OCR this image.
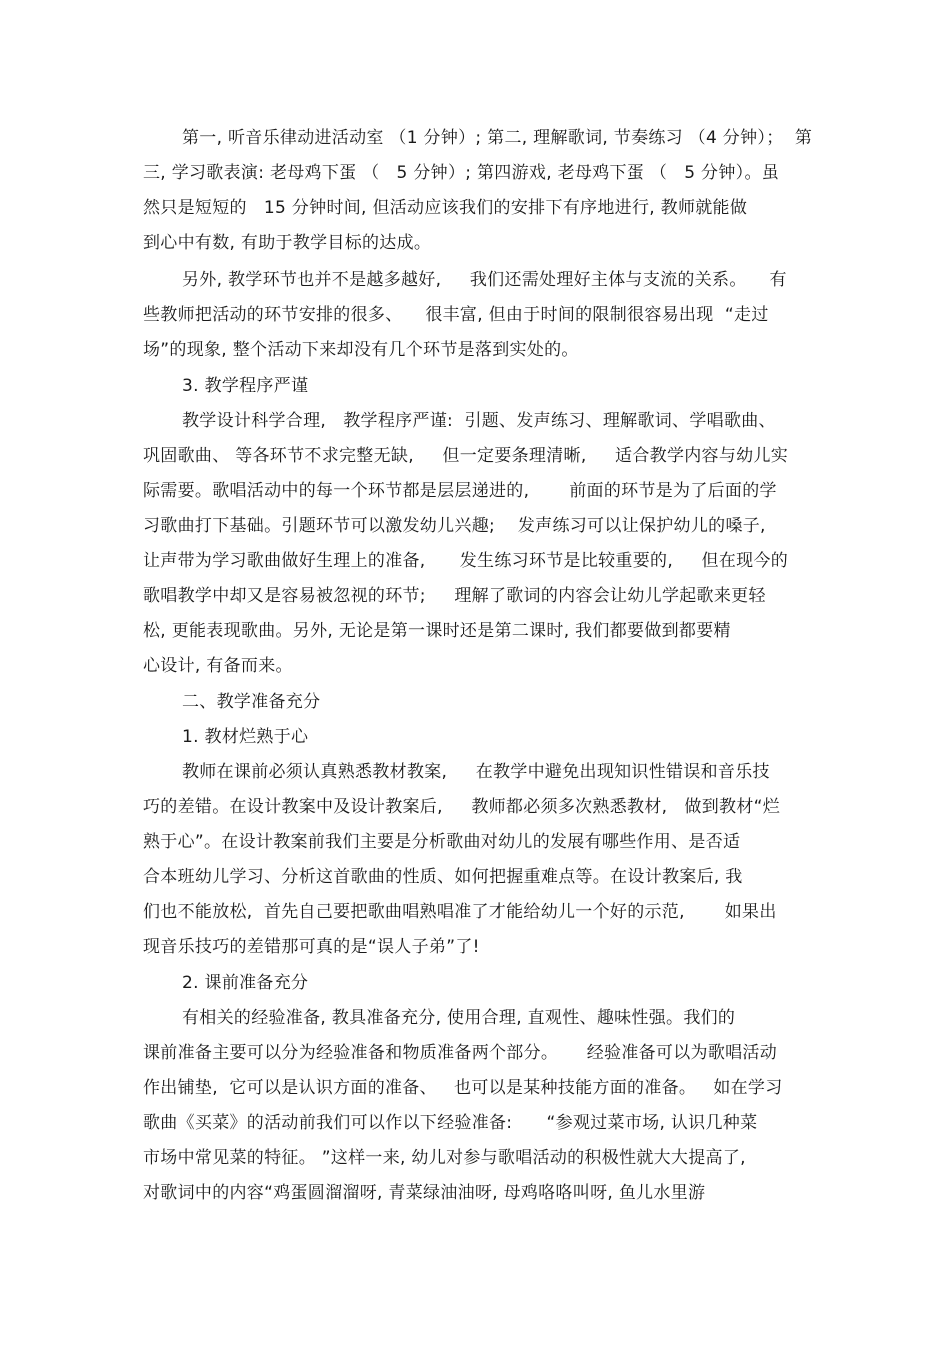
第一, 听音乐律动进活动室 （1 分钟）; 第二, 理解歌词, 节奏练习 （4 分钟）；  第
三, 学习歌表演: 老母鸡下蛋 （   5 分钟）; 第四游戏, 老母鸡下蛋 （   5 分钟）。虽
然只是短短的   15 分钟时间, 但活动应该我们的安排下有序地进行, 教师就能做
到心中有数, 有助于教学目标的达成。
另外, 教学环节也并不是越多越好,     我们还需处理好主体与支流的关系。    有
些教师把活动的环节安排的很多、    很丰富, 但由于时间的限制很容易出现  “走过
场”的现象, 整个活动下来却没有几个环节是落到实处的。
3. 教学程序严谨
教学设计科学合理,   教学程序严谨:  引题、发声练习、理解歌词、学唱歌曲、
巩固歌曲、 等各环节不求完整无缺,     但一定要条理清晰,     适合教学内容与幼儿实
际需要。歌唱活动中的每一个环节都是层层递进的,       前面的环节是为了后面的学
习歌曲打下基础。引题环节可以激发幼儿兴趣;    发声练习可以让保护幼儿的嗓子,
让声带为学习歌曲做好生理上的准备,      发生练习环节是比较重要的,     但在现今的
歌唱教学中却又是容易被忽视的环节;     理解了歌词的内容会让幼儿学起歌来更轻
松, 更能表现歌曲。另外, 无论是第一课时还是第二课时, 我们都要做到都要精
心设计, 有备而来。
二、教学准备充分
1. 教材烂熟于心
教师在课前必须认真熟悉教材教案,     在教学中避免出现知识性错误和音乐技
巧的差错。在设计教案中及设计教案后,     教师都必须多次熟悉教材,   做到教材“烂
熟于心”。在设计教案前我们主要是分析歌曲对幼儿的发展有哪些作用、是否适
合本班幼儿学习、分析这首歌曲的性质、如何把握重难点等。在设计教案后, 我
们也不能放松,  首先自己要把歌曲唱熟唱准了才能给幼儿一个好的示范,       如果出
现音乐技巧的差错那可真的是“误人子弟”了!
2. 课前准备充分
有相关的经验准备, 教具准备充分, 使用合理, 直观性、趣味性强。我们的
课前准备主要可以分为经验准备和物质准备两个部分。     经验准备可以为歌唱活动
作出铺垫,  它可以是认识方面的准备、   也可以是某种技能方面的准备。   如在学习
歌曲《买菜》的活动前我们可以作以下经验准备:      “参观过菜市场, 认识几种菜
市场中常见菜的特征。 ”这样一来, 幼儿对参与歌唱活动的积极性就大大提高了,
对歌词中的内容“鸡蛋圆溜溜呀, 青菜绿油油呀, 母鸡咯咯叫呀, 鱼儿水里游
